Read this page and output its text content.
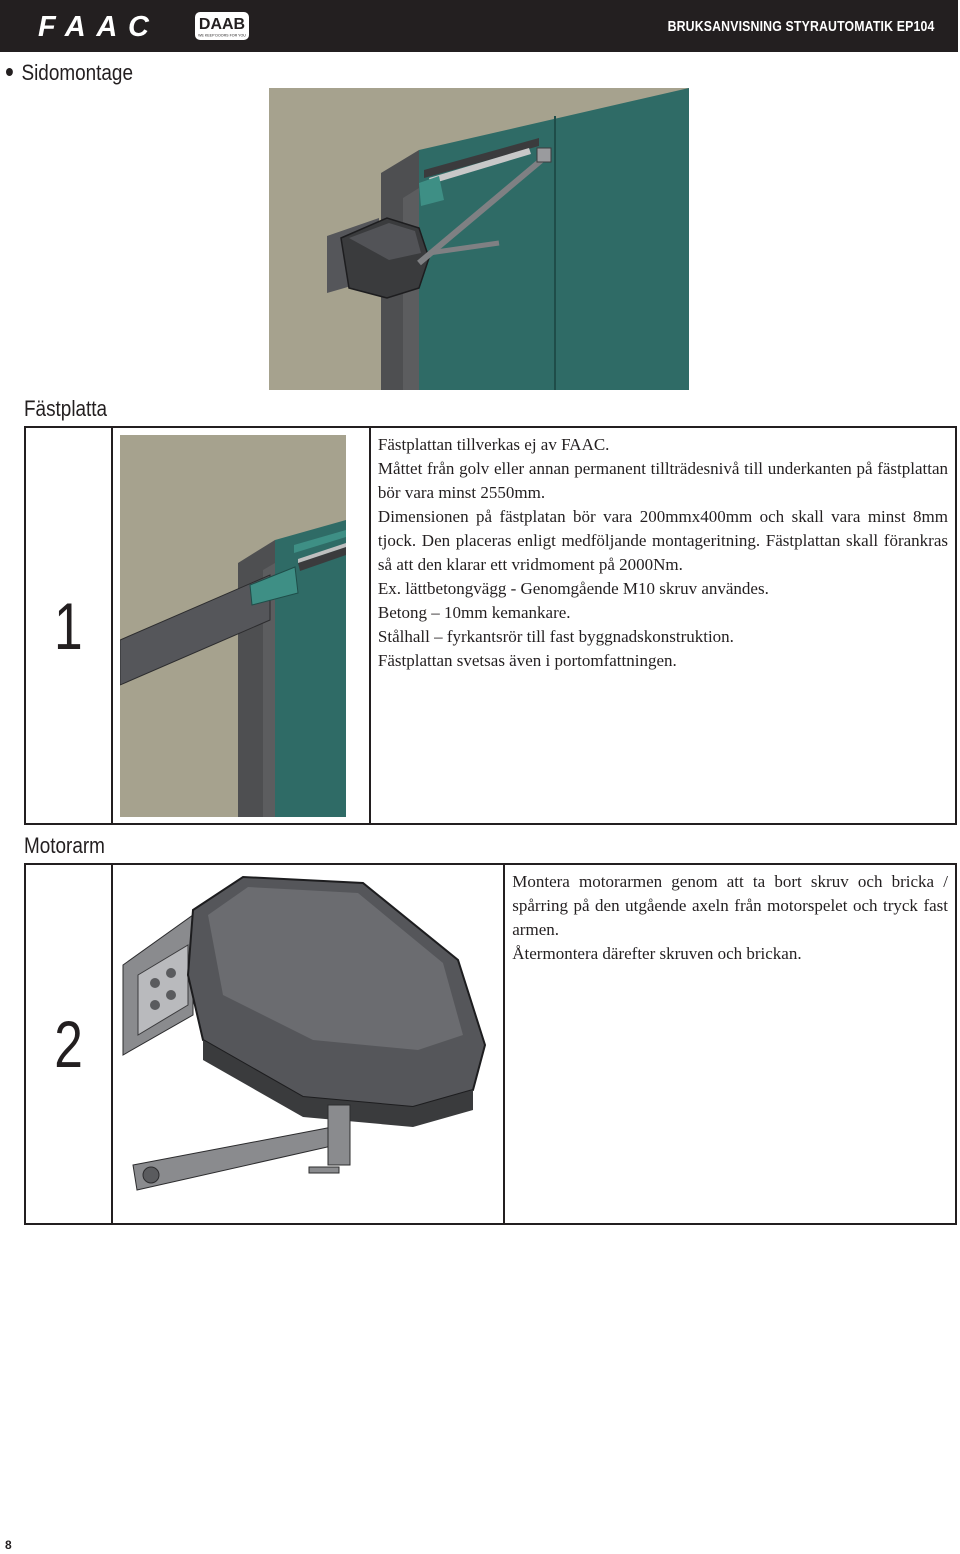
FAAC	DAAB
WE KEEP DOORS FOR YOU
BRUKSANVISNING STYRAUTOMATIK EP104
Sidomontage
Fästplatta
1	

Fästplattan tillverkas ej av FAAC.
Måttet från golv eller annan permanent tillträdesnivå till underkanten på fästplattan bör vara minst 2550mm.
Dimensionen på fästplatan bör vara 200mmx400mm och skall vara minst 8mm tjock. Den placeras enligt medföljande montageritning. Fästplattan skall förankras så att den klarar ett vridmoment på 2000Nm.
Ex. lättbetongvägg - Genomgående M10 skruv användes.
Betong – 10mm kemankare.
Stålhall – fyrkantsrör till fast byggnadskonstruktion.
Fästplattan svetsas även i portomfattningen.
Motorarm
2	

Montera motorarmen genom att ta bort skruv och bricka / spårring på den utgående axeln från motorspelet och tryck fast armen.
Återmontera därefter skruven och brickan.
8
